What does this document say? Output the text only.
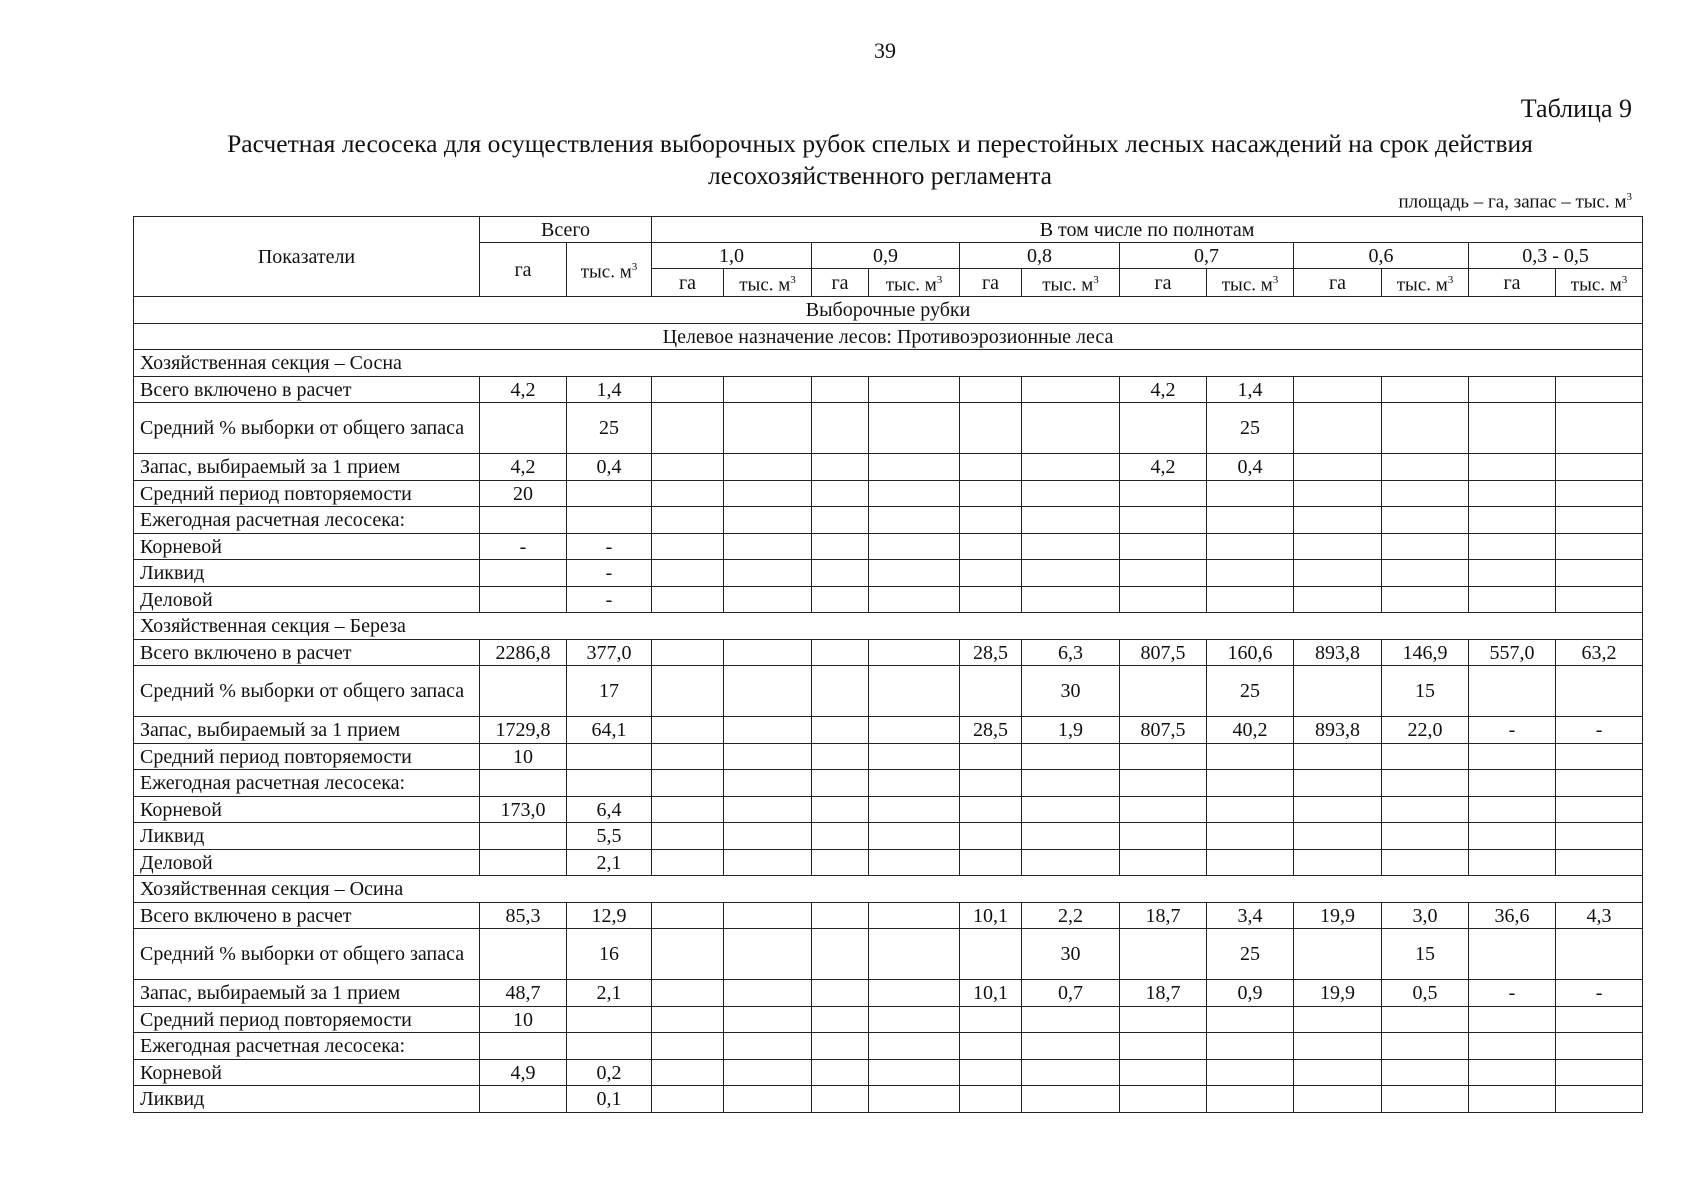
39
Таблица 9
Расчетная лесосека для осуществления выборочных рубок спелых и перестойных лесных насаждений на срок действия
лесохозяйственного регламента
площадь – га, запас – тыс. $м^3$
Показатели	Всего		В том числе по полнотам											
	га	тыс. $м^3$	1,0		0,9		0,8		0,7		0,6		0,3 - 0,5	
			га	тыс. $м^3$	га	тыс. $м^3$	га	тыс. $м^3$	га	тыс. $м^3$	га	тыс. $м^3$	га	тыс. $м^3$
Выборочные рубки														
Целевое назначение лесов: Противоэрозионные леса														
Хозяйственная секция – Сосна														
Всего включено в расчет	4,2	1,4							4,2	1,4				
Средний % выборки от общего запаса		25								25				
Запас, выбираемый за 1 прием	4,2	0,4							4,2	0,4				
Средний период повторяемости	20													
Ежегодная расчетная лесосека:														
Корневой	-	-												
Ликвид		-												
Деловой		-												
Хозяйственная секция – Береза														
Всего включено в расчет	2286,8	377,0					28,5	6,3	807,5	160,6	893,8	146,9	557,0	63,2
Средний % выборки от общего запаса		17						30		25		15		
Запас, выбираемый за 1 прием	1729,8	64,1					28,5	1,9	807,5	40,2	893,8	22,0	-	-
Средний период повторяемости	10													
Ежегодная расчетная лесосека:														
Корневой	173,0	6,4												
Ликвид		5,5												
Деловой		2,1												
Хозяйственная секция – Осина														
Всего включено в расчет	85,3	12,9					10,1	2,2	18,7	3,4	19,9	3,0	36,6	4,3
Средний % выборки от общего запаса		16						30		25		15		
Запас, выбираемый за 1 прием	48,7	2,1					10,1	0,7	18,7	0,9	19,9	0,5	-	-
Средний период повторяемости	10													
Ежегодная расчетная лесосека:														
Корневой	4,9	0,2												
Ликвид		0,1												
